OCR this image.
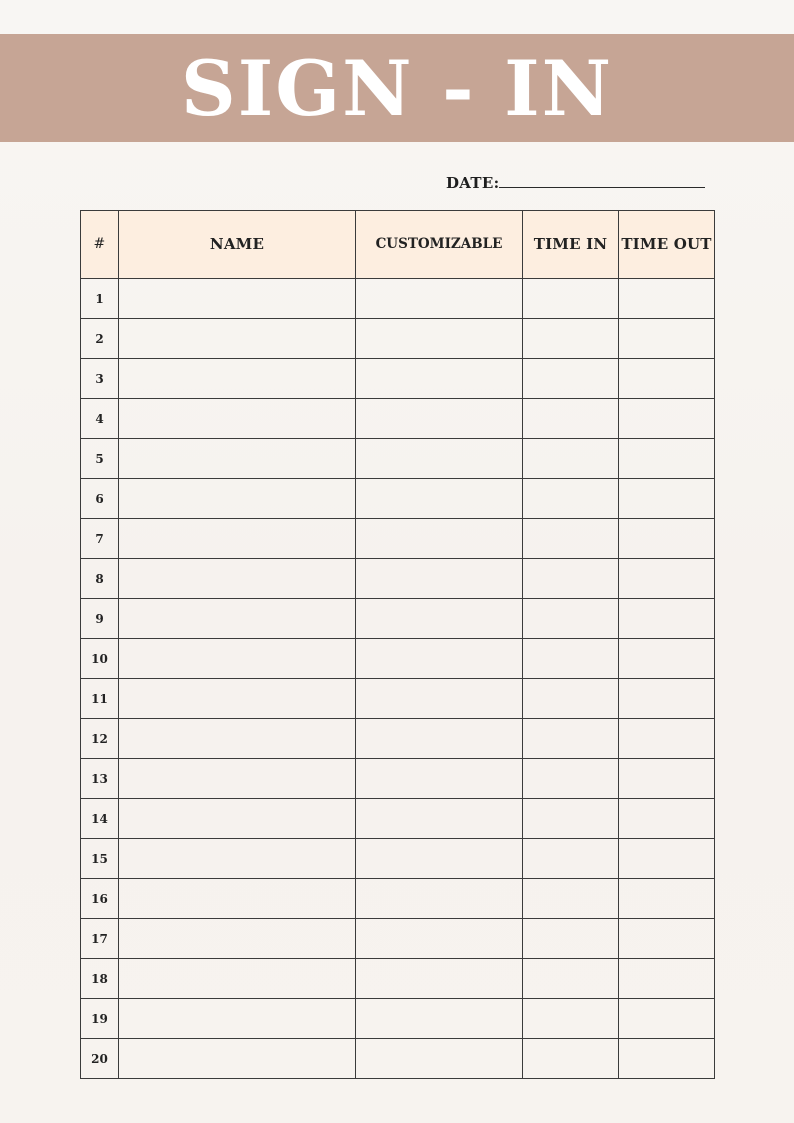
SIGN - IN
DATE:
#	NAME	CUSTOMIZABLE	TIME IN	TIME OUT
1				
2				
3				
4				
5				
6				
7				
8				
9				
10				
11				
12				
13				
14				
15				
16				
17				
18				
19				
20				
